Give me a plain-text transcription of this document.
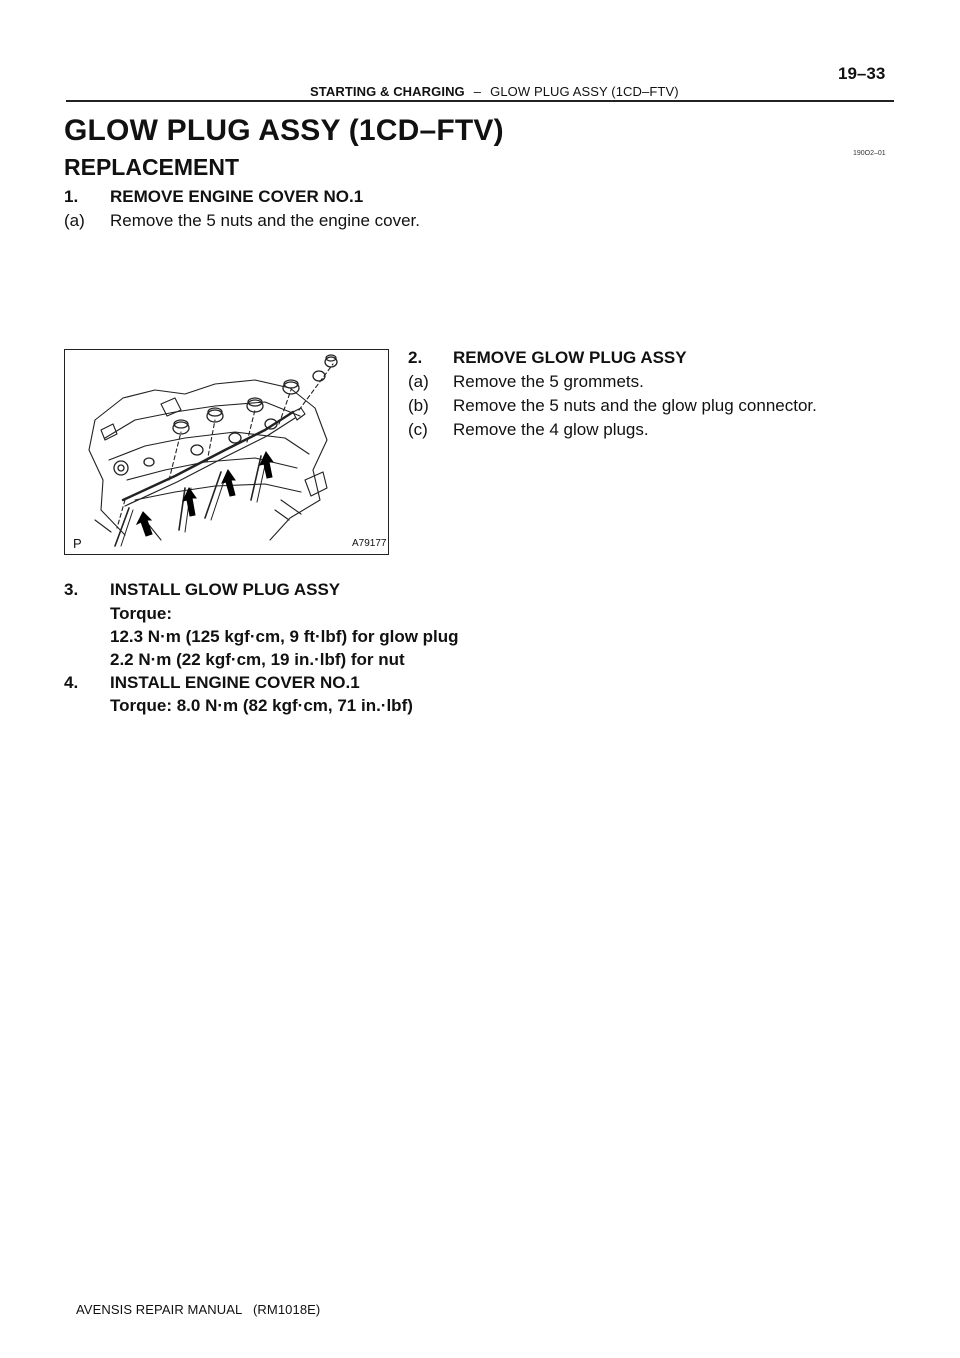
19–33
STARTING & CHARGING – GLOW PLUG ASSY (1CD–FTV)
GLOW PLUG ASSY (1CD–FTV)
190O2–01
REPLACEMENT
1. REMOVE ENGINE COVER NO.1
(a) Remove the 5 nuts and the engine cover.
P	A79177
2. REMOVE GLOW PLUG ASSY
(a) Remove the 5 grommets.
(b) Remove the 5 nuts and the glow plug connector.
(c) Remove the 4 glow plugs.
3. INSTALL GLOW PLUG ASSY
Torque:
12.3 N·m (125 kgf·cm, 9 ft·lbf) for glow plug
2.2 N·m (22 kgf·cm, 19 in.·lbf) for nut
4. INSTALL ENGINE COVER NO.1
Torque: 8.0 N·m (82 kgf·cm, 71 in.·lbf)
AVENSIS REPAIR MANUAL   (RM1018E)
